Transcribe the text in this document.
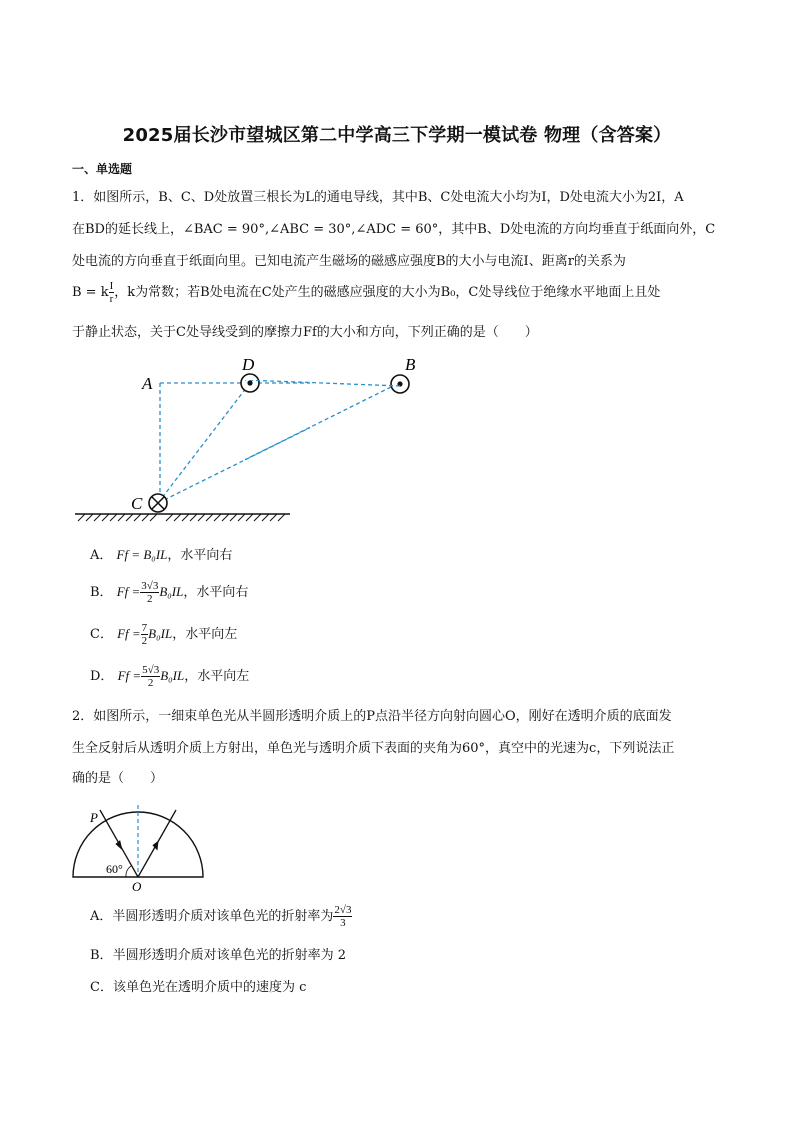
2025届长沙市望城区第二中学高三下学期一模试卷 物理（含答案）
一、单选题
1．如图所示，B、C、D处放置三根长为L的通电导线，其中B、C处电流大小均为I，D处电流大小为2I，A
在BD的延长线上，∠BAC = 90°,∠ABC = 30°,∠ADC = 60°，其中B、D处电流的方向均垂直于纸面向外，C
处电流的方向垂直于纸面向里。已知电流产生磁场的磁感应强度B的大小与电流I、距离r的关系为
B = k $\frac{I}{r}$ ，k为常数；若B处电流在C处产生的磁感应强度的大小为B₀，C处导线位于绝缘水平地面上且处
于静止状态，关于C处导线受到的摩擦力Ff的大小和方向，下列正确的是（　　）
A
D
C
B
A． Ff = B₀IL，水平向右
B． $Ff = \frac{3√3}{2} B_0IL$，水平向右
C． $Ff = \frac{7}{2} B_0IL$，水平向左
D． $Ff = \frac{5√3}{2} B_0IL$，水平向左
2．如图所示，一细束单色光从半圆形透明介质上的P点沿半径方向射向圆心O，刚好在透明介质的底面发
生全反射后从透明介质上方射出，单色光与透明介质下表面的夹角为60°，真空中的光速为c，下列说法正
确的是（　　）
P
60°
O
A．半圆形透明介质对该单色光的折射率为 $\frac{2√3}{3}$
B．半圆形透明介质对该单色光的折射率为 2
C．该单色光在透明介质中的速度为 c
